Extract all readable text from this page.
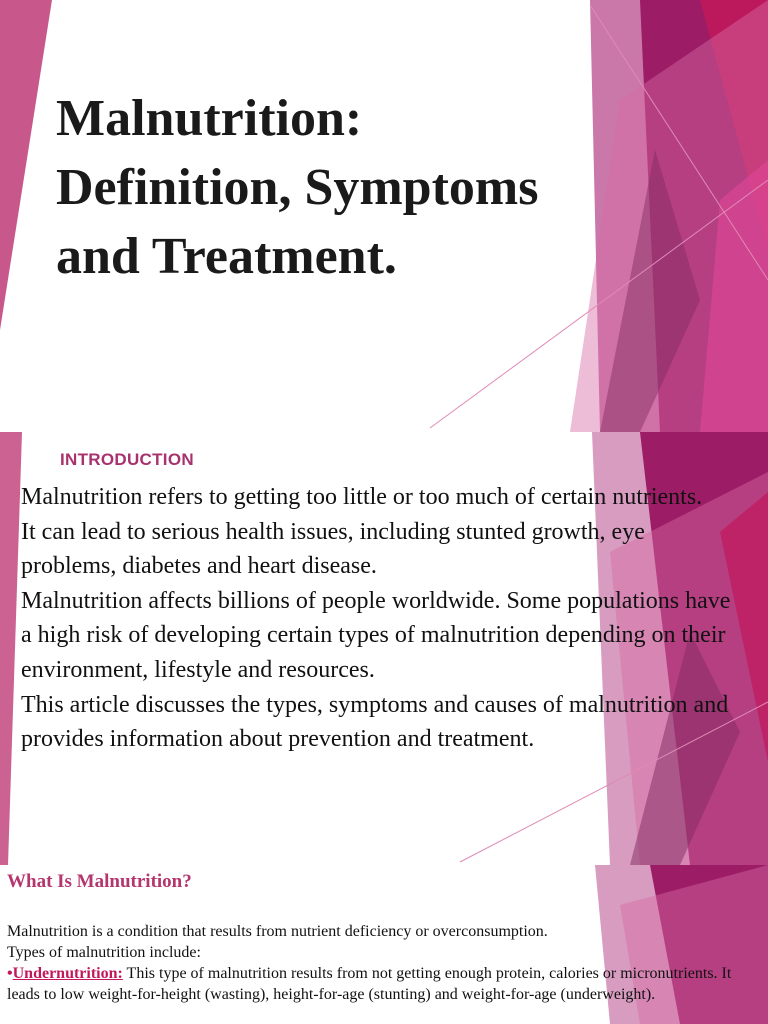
Malnutrition:
Definition, Symptoms
and Treatment.
INTRODUCTION

Malnutrition refers to getting too little or too much of certain nutrients.

It can lead to serious health issues, including stunted growth, eye problems, diabetes and heart disease.

Malnutrition affects billions of people worldwide. Some populations have a high risk of developing certain types of malnutrition depending on their environment, lifestyle and resources.

This article discusses the types, symptoms and causes of malnutrition and provides information about prevention and treatment.

What Is Malnutrition?

Malnutrition is a condition that results from nutrient deficiency or overconsumption.

Types of malnutrition include:

•Undernutrition: This type of malnutrition results from not getting enough protein, calories or micronutrients. It leads to low weight-for-height (wasting), height-for-age (stunting) and weight-for-age (underweight).
